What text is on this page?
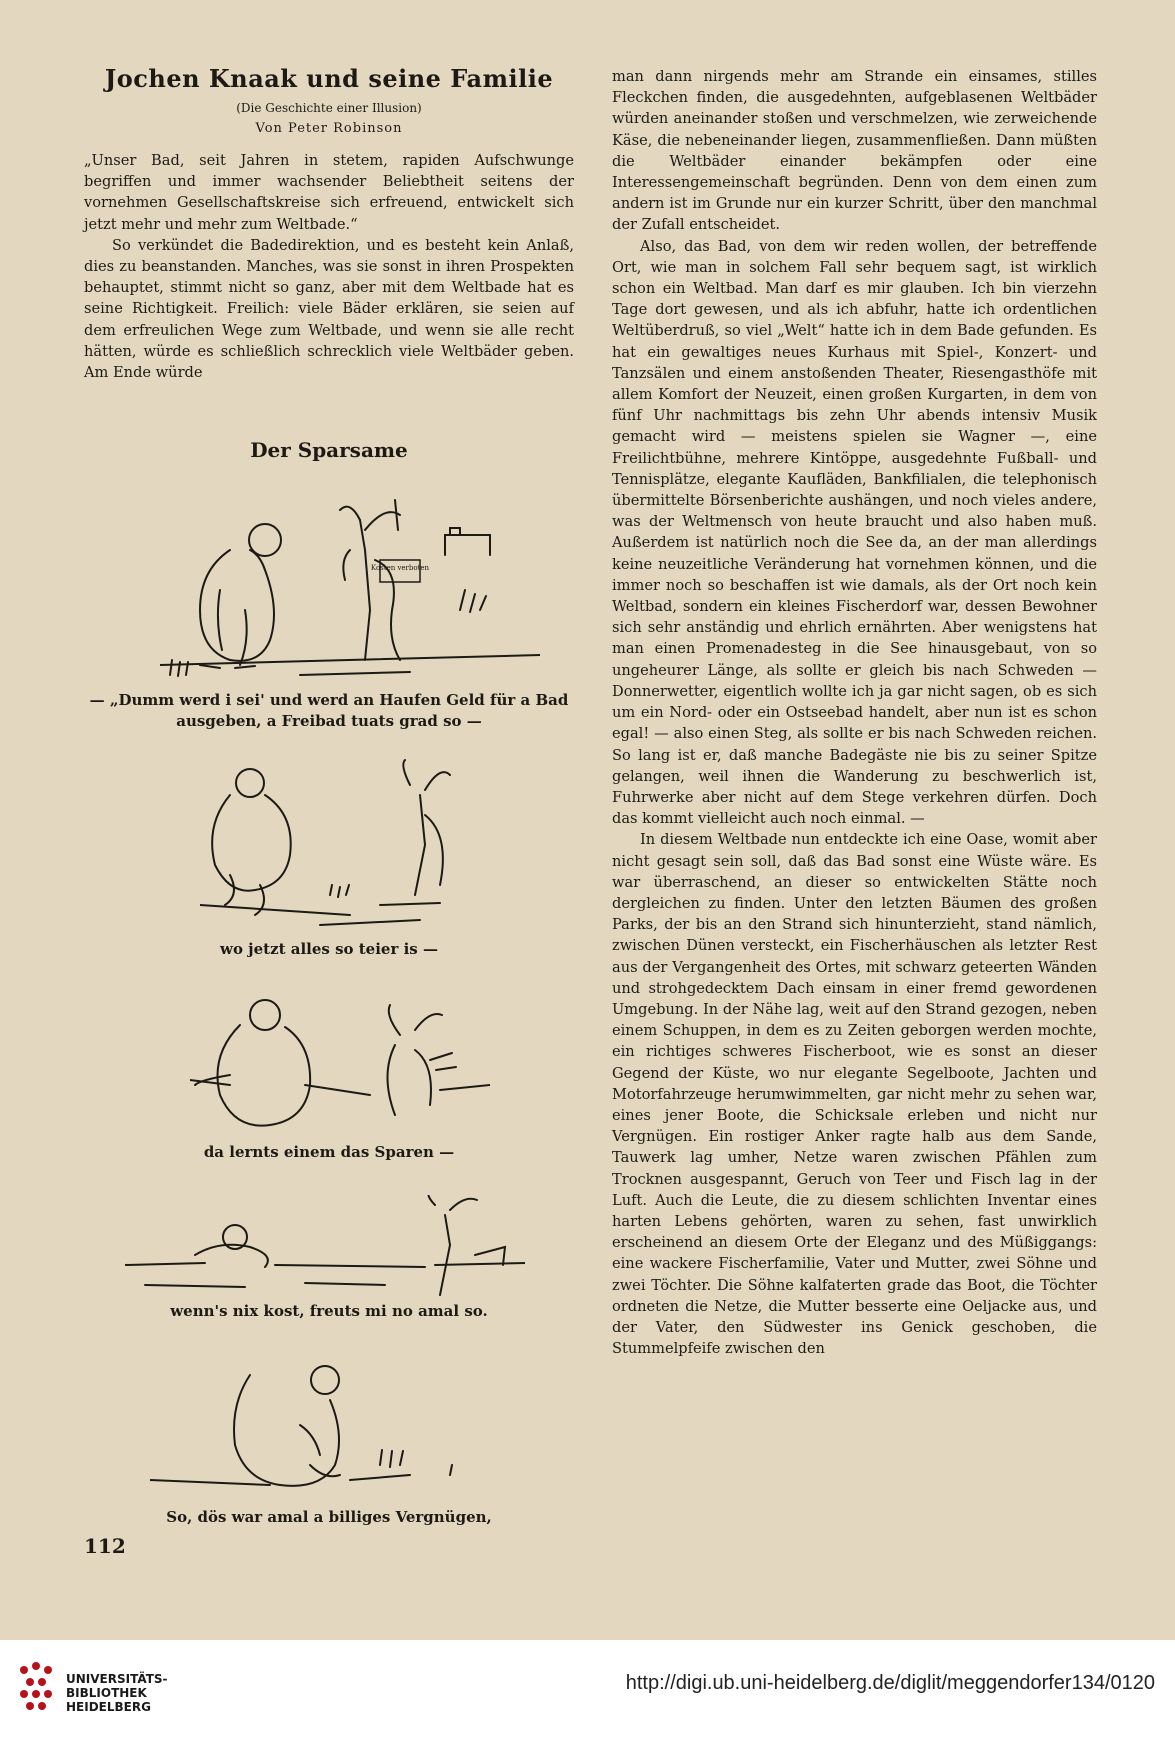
Jochen Knaak und seine Familie
(Die Geschichte einer Illusion)
Von Peter Robinson

„Unser Bad, seit Jahren in stetem, rapiden Aufschwunge begriffen und immer wachsender Beliebtheit seitens der vornehmen Gesellschaftskreise sich erfreuend, entwickelt sich jetzt mehr und mehr zum Weltbade.“

So verkündet die Badedirektion, und es besteht kein Anlaß, dies zu beanstanden. Manches, was sie sonst in ihren Prospekten behauptet, stimmt nicht so ganz, aber mit dem Weltbade hat es seine Richtigkeit. Freilich: viele Bäder erklären, sie seien auf dem erfreulichen Wege zum Weltbade, und wenn sie alle recht hätten, würde es schließlich schrecklich viele Weltbäder geben. Am Ende würde

Der Sparsame
Kosten verboten
— „Dumm werd i sei' und werd an Haufen Geld für a Bad ausgeben, a Freibad tuats grad so —
wo jetzt alles so teier is —
da lernts einem das Sparen —
wenn's nix kost, freuts mi no amal so.
So, dös war amal a billiges Vergnügen,
112

man dann nirgends mehr am Strande ein einsames, stilles Fleckchen finden, die ausgedehnten, aufgeblasenen Weltbäder würden aneinander stoßen und verschmelzen, wie zerweichende Käse, die nebeneinander liegen, zusammenfließen. Dann müßten die Weltbäder einander bekämpfen oder eine Interessengemeinschaft begründen. Denn von dem einen zum andern ist im Grunde nur ein kurzer Schritt, über den manchmal der Zufall entscheidet.

Also, das Bad, von dem wir reden wollen, der betreffende Ort, wie man in solchem Fall sehr bequem sagt, ist wirklich schon ein Weltbad. Man darf es mir glauben. Ich bin vierzehn Tage dort gewesen, und als ich abfuhr, hatte ich ordentlichen Weltüberdruß, so viel „Welt“ hatte ich in dem Bade gefunden. Es hat ein gewaltiges neues Kurhaus mit Spiel-, Konzert- und Tanzsälen und einem anstoßenden Theater, Riesengasthöfe mit allem Komfort der Neuzeit, einen großen Kurgarten, in dem von fünf Uhr nachmittags bis zehn Uhr abends intensiv Musik gemacht wird — meistens spielen sie Wagner —, eine Freilichtbühne, mehrere Kintöppe, ausgedehnte Fußball- und Tennisplätze, elegante Kaufläden, Bankfilialen, die telephonisch übermittelte Börsenberichte aushängen, und noch vieles andere, was der Weltmensch von heute braucht und also haben muß. Außerdem ist natürlich noch die See da, an der man allerdings keine neuzeitliche Veränderung hat vornehmen können, und die immer noch so beschaffen ist wie damals, als der Ort noch kein Weltbad, sondern ein kleines Fischerdorf war, dessen Bewohner sich sehr anständig und ehrlich ernährten. Aber wenigstens hat man einen Promenadesteg in die See hinausgebaut, von so ungeheurer Länge, als sollte er gleich bis nach Schweden — Donnerwetter, eigentlich wollte ich ja gar nicht sagen, ob es sich um ein Nord- oder ein Ostseebad handelt, aber nun ist es schon egal! — also einen Steg, als sollte er bis nach Schweden reichen. So lang ist er, daß manche Badegäste nie bis zu seiner Spitze gelangen, weil ihnen die Wanderung zu beschwerlich ist, Fuhrwerke aber nicht auf dem Stege verkehren dürfen. Doch das kommt vielleicht auch noch einmal. —

In diesem Weltbade nun entdeckte ich eine Oase, womit aber nicht gesagt sein soll, daß das Bad sonst eine Wüste wäre. Es war überraschend, an dieser so entwickelten Stätte noch dergleichen zu finden. Unter den letzten Bäumen des großen Parks, der bis an den Strand sich hinunterzieht, stand nämlich, zwischen Dünen versteckt, ein Fischerhäuschen als letzter Rest aus der Vergangenheit des Ortes, mit schwarz geteerten Wänden und strohgedecktem Dach einsam in einer fremd gewordenen Umgebung. In der Nähe lag, weit auf den Strand gezogen, neben einem Schuppen, in dem es zu Zeiten geborgen werden mochte, ein richtiges schweres Fischerboot, wie es sonst an dieser Gegend der Küste, wo nur elegante Segelboote, Jachten und Motorfahrzeuge herumwimmelten, gar nicht mehr zu sehen war, eines jener Boote, die Schicksale erleben und nicht nur Vergnügen. Ein rostiger Anker ragte halb aus dem Sande, Tauwerk lag umher, Netze waren zwischen Pfählen zum Trocknen ausgespannt, Geruch von Teer und Fisch lag in der Luft. Auch die Leute, die zu diesem schlichten Inventar eines harten Lebens gehörten, waren zu sehen, fast unwirklich erscheinend an diesem Orte der Eleganz und des Müßiggangs: eine wackere Fischerfamilie, Vater und Mutter, zwei Söhne und zwei Töchter. Die Söhne kalfaterten grade das Boot, die Töchter ordneten die Netze, die Mutter besserte eine Oeljacke aus, und der Vater, den Südwester ins Genick geschoben, die Stummelpfeife zwischen den

UNIVERSITÄTS-
BIBLIOTHEK
HEIDELBERG
http://digi.ub.uni-heidelberg.de/diglit/meggendorfer134/0120
